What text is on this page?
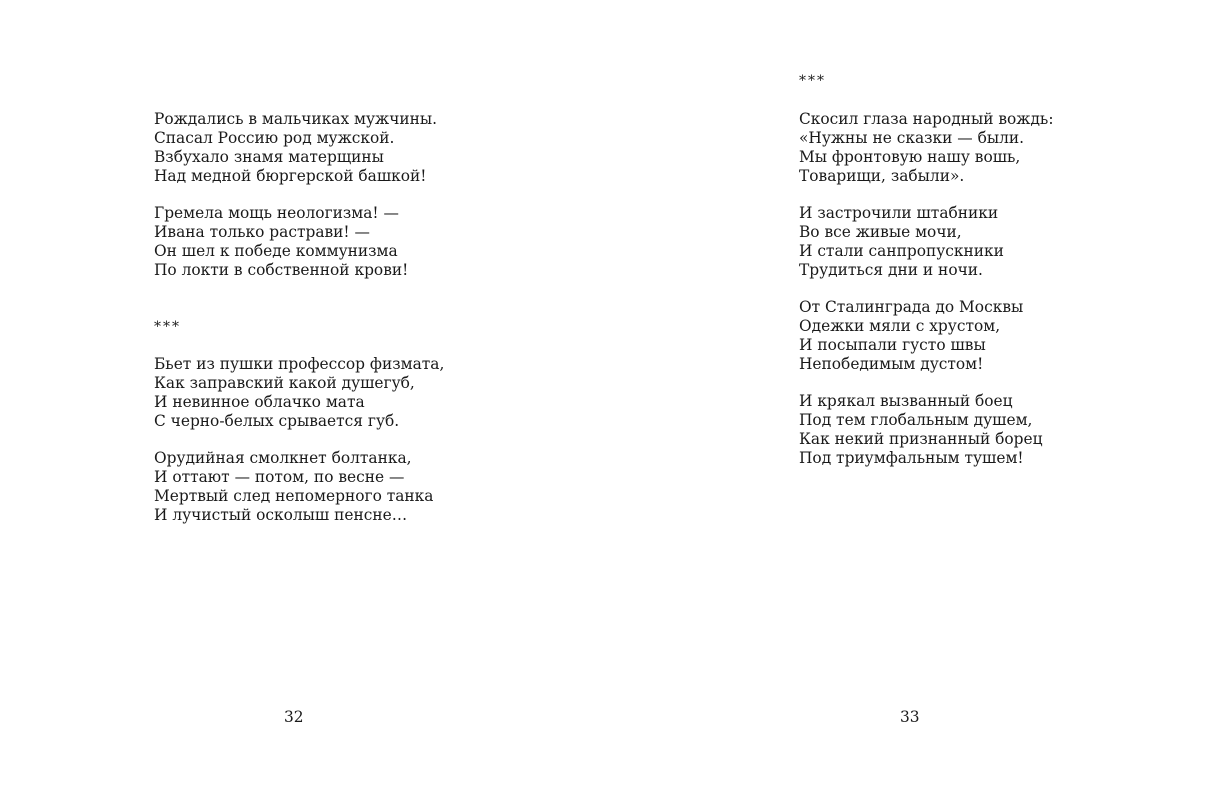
Рождались в мальчиках мужчины.
Спасал Россию род мужской.
Взбухало знамя матерщины
Над медной бюргерской башкой!
Гремела мощь неологизма! —
Ивана только растрави! —
Он шел к победе коммунизма
По локти в собственной крови!
***
Бьет из пушки профессор физмата,
Как заправский какой душегуб,
И невинное облачко мата
С черно-белых срывается губ.
Орудийная смолкнет болтанка,
И оттают — потом, по весне —
Мертвый след непомерного танка
И лучистый осколыш пенсне…
32
***
Скосил глаза народный вождь:
«Нужны не сказки — были.
Мы фронтовую нашу вошь,
Товарищи, забыли».
И застрочили штабники
Во все живые мочи,
И стали санпропускники
Трудиться дни и ночи.
От Сталинграда до Москвы
Одежки мяли с хрустом,
И посыпали густо швы
Непобедимым дустом!
И крякал вызванный боец
Под тем глобальным душем,
Как некий признанный борец
Под триумфальным тушем!
33
